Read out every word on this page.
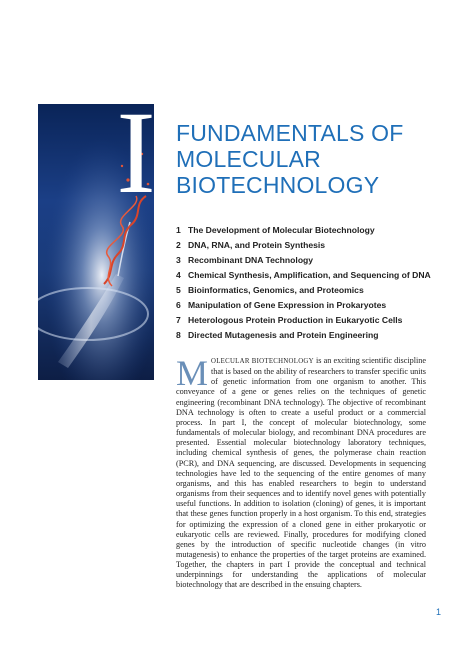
I FUNDAMENTALS OF
MOLECULAR
BIOTECHNOLOGY
1 The Development of Molecular Biotechnology
2 DNA, RNA, and Protein Synthesis
3 Recombinant DNA Technology
4 Chemical Synthesis, Amplification, and Sequencing of DNA
5 Bioinformatics, Genomics, and Proteomics
6 Manipulation of Gene Expression in Prokaryotes
7 Heterologous Protein Production in Eukaryotic Cells
8 Directed Mutagenesis and Protein Engineering
MOLECULAR BIOTECHNOLOGY is an exciting scientific discipline that is based on the ability of researchers to transfer specific units of genetic information from one organism to another. This conveyance of a gene or genes relies on the techniques of genetic engineering (recombinant DNA technology). The objective of recombinant DNA technology is often to create a useful product or a commercial process. In part I, the concept of molecular biotechnology, some fundamentals of molecular biology, and recombinant DNA procedures are presented. Essential molecular biotechnology laboratory techniques, including chemical synthesis of genes, the polymerase chain reaction (PCR), and DNA sequencing, are discussed. Developments in sequencing technologies have led to the sequencing of the entire genomes of many organisms, and this has enabled researchers to begin to understand organisms from their sequences and to identify novel genes with potentially useful functions. In addition to isolation (cloning) of genes, it is important that these genes function properly in a host organism. To this end, strategies for optimizing the expression of a cloned gene in either prokaryotic or eukaryotic cells are reviewed. Finally, procedures for modifying cloned genes by the introduction of specific nucleotide changes (in vitro mutagenesis) to enhance the properties of the target proteins are examined. Together, the chapters in part I provide the conceptual and technical underpinnings for understanding the applications of molecular biotechnology that are described in the ensuing chapters.
1
